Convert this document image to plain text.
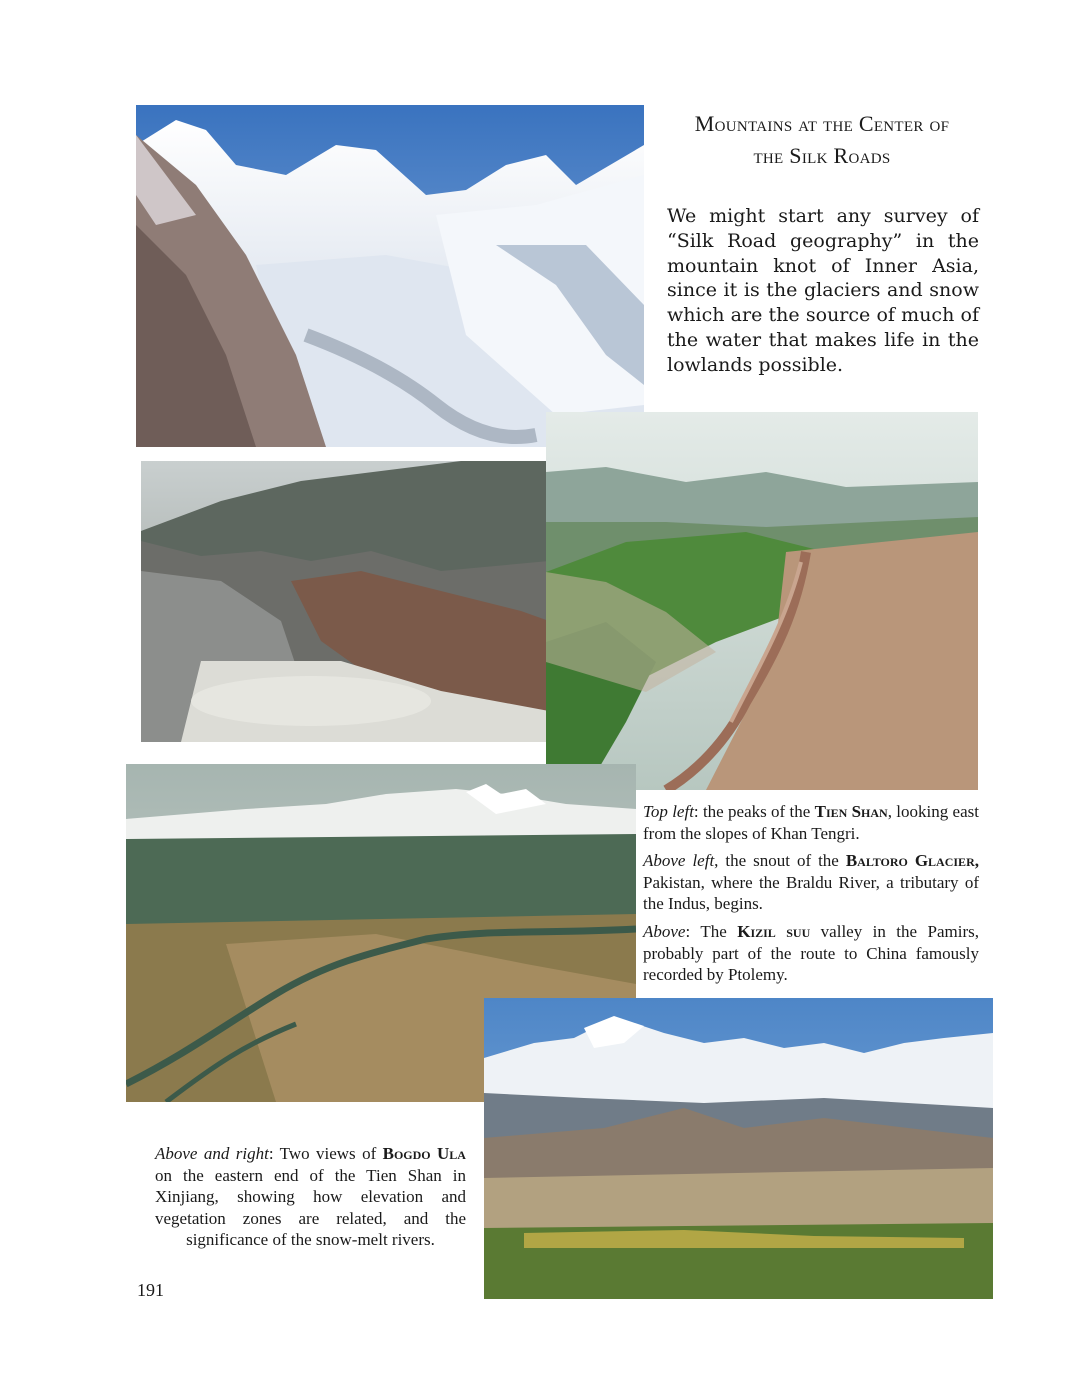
Mountains at the Center of
the Silk Roads
We might start any survey of “Silk Road geography” in the mountain knot of Inner Asia, since it is the glaciers and snow which are the source of much of the water that makes life in the lowlands possible.

Top left: the peaks of the Tien Shan, looking east from the slopes of Khan Tengri.

Above left, the snout of the Baltoro Glacier, Pakistan, where the Braldu River, a tributary of the Indus, begins.

Above: The Kizil suu valley in the Pamirs, probably part of the route to China famously recorded by Ptolemy.

Above and right: Two views of Bogdo Ula on the eastern end of the Tien Shan in Xinjiang, showing how elevation and vegetation zones are related, and the significance of the snow-melt rivers.

191
